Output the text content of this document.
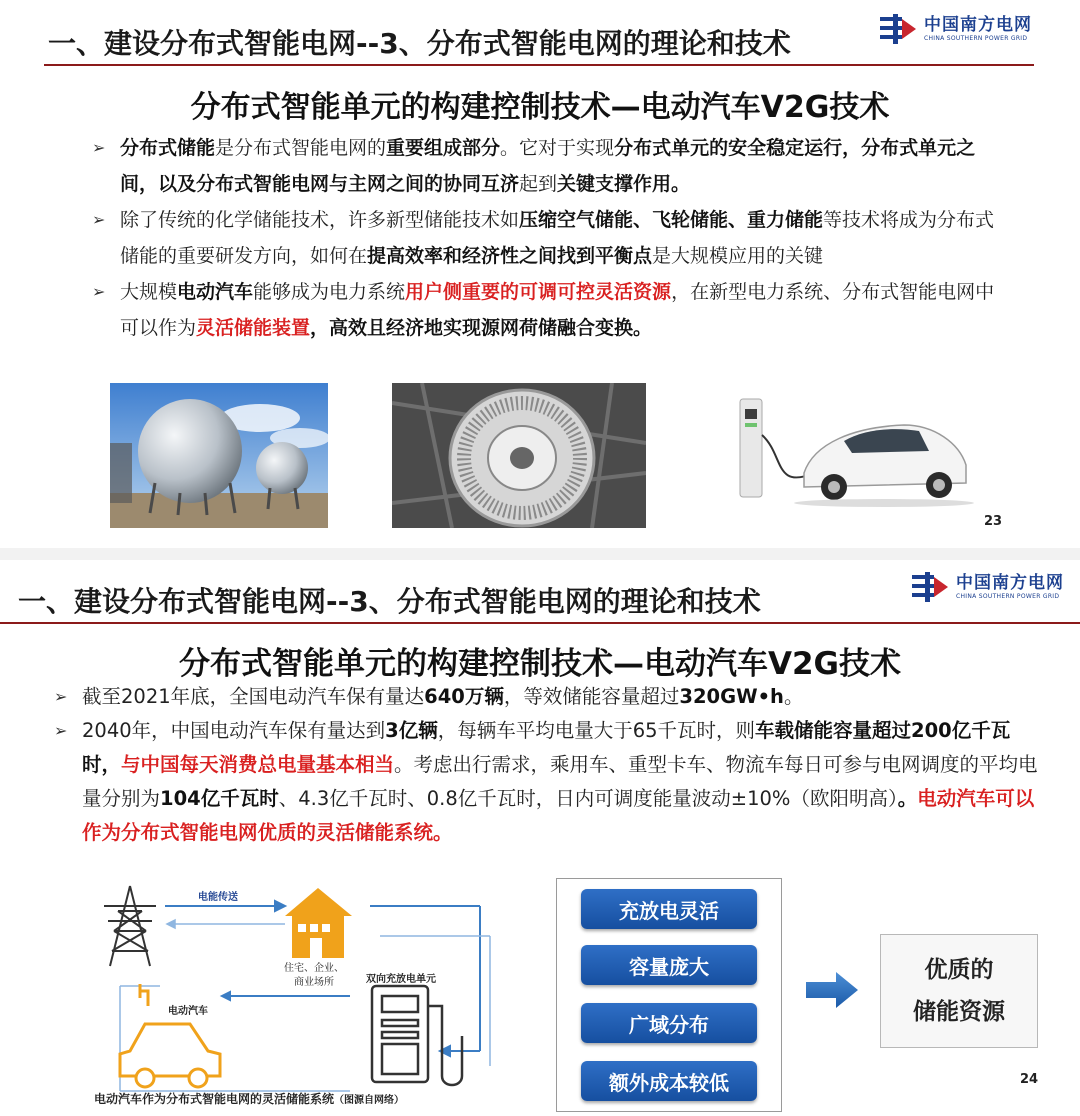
一、建设分布式智能电网--3、分布式智能电网的理论和技术
中国南方电网
CHINA SOUTHERN POWER GRID
分布式智能单元的构建控制技术—电动汽车V2G技术
➢ 分布式储能是分布式智能电网的重要组成部分。它对于实现分布式单元的安全稳定运行，分布式单元之间，以及分布式智能电网与主网之间的协同互济起到关键支撑作用。
➢ 除了传统的化学储能技术，许多新型储能技术如压缩空气储能、飞轮储能、重力储能等技术将成为分布式储能的重要研发方向，如何在提高效率和经济性之间找到平衡点是大规模应用的关键
➢ 大规模电动汽车能够成为电力系统用户侧重要的可调可控灵活资源，在新型电力系统、分布式智能电网中可以作为灵活储能装置，高效且经济地实现源网荷储融合变换。
23
一、建设分布式智能电网--3、分布式智能电网的理论和技术
中国南方电网
CHINA SOUTHERN POWER GRID
分布式智能单元的构建控制技术—电动汽车V2G技术
➢ 截至2021年底，全国电动汽车保有量达640万辆，等效储能容量超过320GW•h。
➢ 2040年，中国电动汽车保有量达到3亿辆，每辆车平均电量大于65千瓦时，则车载储能容量超过200亿千瓦时，与中国每天消费总电量基本相当。考虑出行需求，乘用车、重型卡车、物流车每日可参与电网调度的平均电量分别为104亿千瓦时、4.3亿千瓦时、0.8亿千瓦时，日内可调度能量波动±10%（欧阳明高）。电动汽车可以作为分布式智能电网优质的灵活储能系统。
电能传送
住宅、企业、
商业场所	双向充放电单元
电动汽车
电动汽车作为分布式智能电网的灵活储能系统（图源自网络）
充放电灵活
容量庞大
广域分布
额外成本较低
优质的
储能资源
24
